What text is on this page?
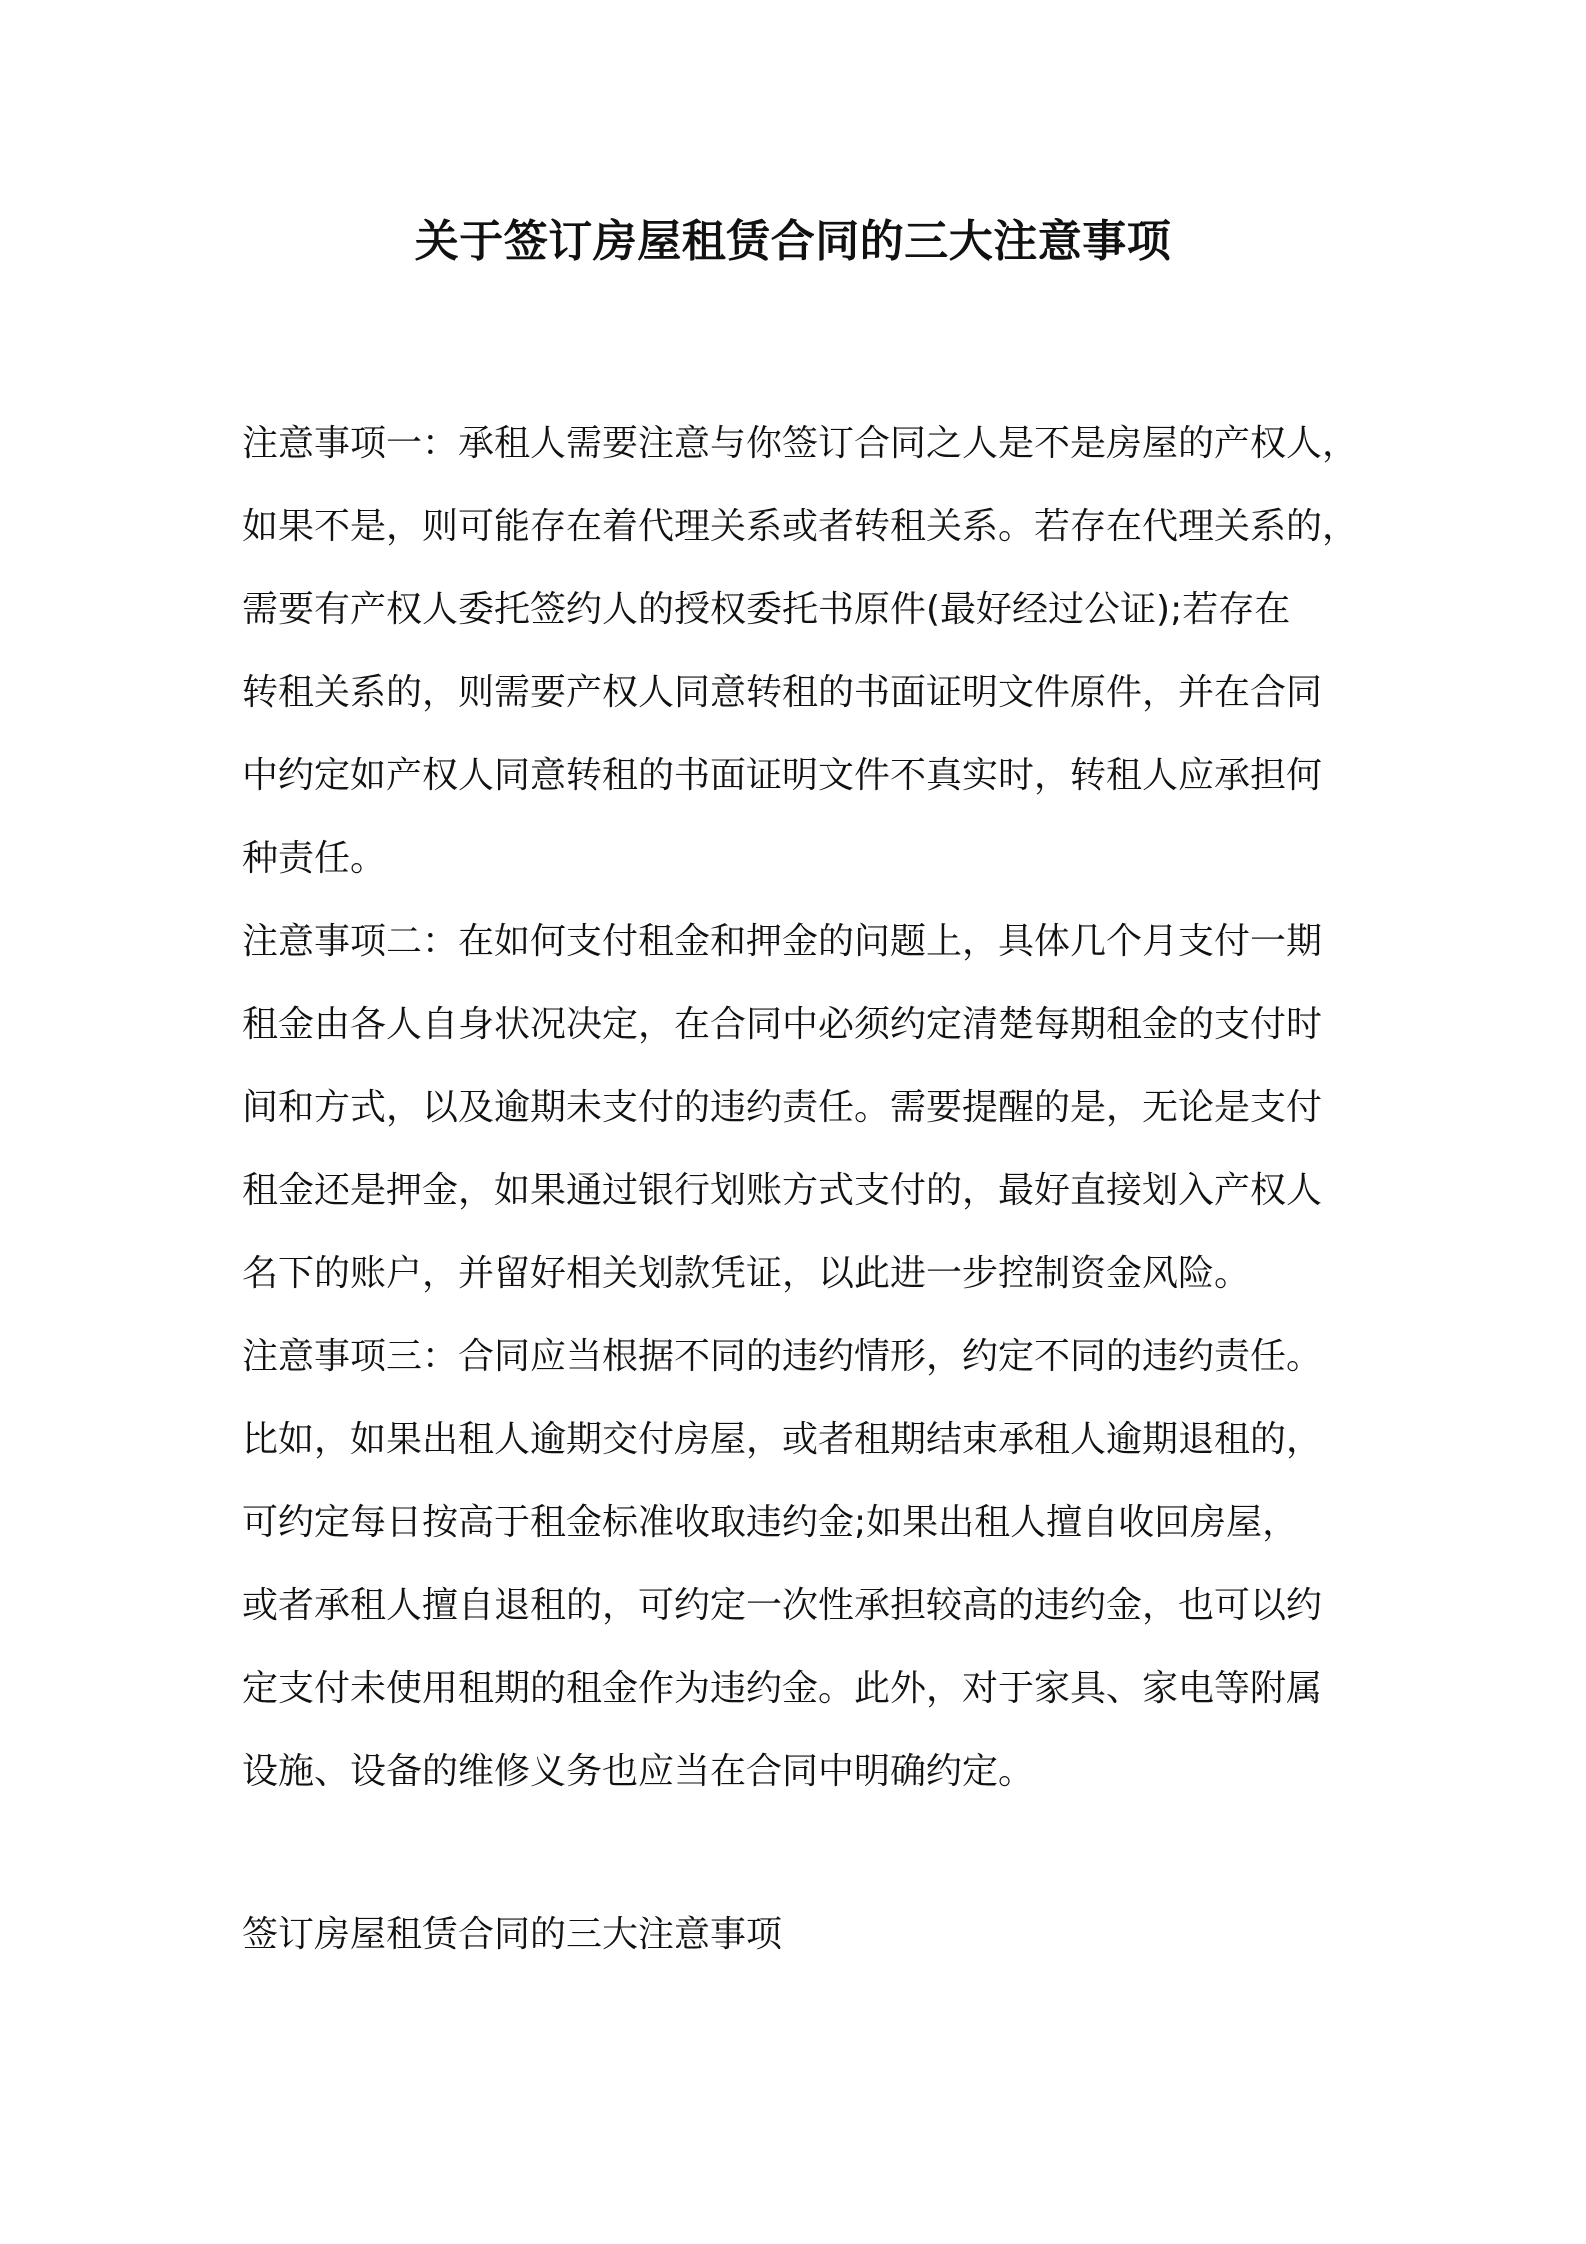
关于签订房屋租赁合同的三大注意事项
注意事项一：承租人需要注意与你签订合同之人是不是房屋的产权人，
如果不是，则可能存在着代理关系或者转租关系。若存在代理关系的，
需要有产权人委托签约人的授权委托书原件(最好经过公证);若存在
转租关系的，则需要产权人同意转租的书面证明文件原件，并在合同
中约定如产权人同意转租的书面证明文件不真实时，转租人应承担何
种责任。
注意事项二：在如何支付租金和押金的问题上，具体几个月支付一期
租金由各人自身状况决定，在合同中必须约定清楚每期租金的支付时
间和方式，以及逾期未支付的违约责任。需要提醒的是，无论是支付
租金还是押金，如果通过银行划账方式支付的，最好直接划入产权人
名下的账户，并留好相关划款凭证，以此进一步控制资金风险。
注意事项三：合同应当根据不同的违约情形，约定不同的违约责任。
比如，如果出租人逾期交付房屋，或者租期结束承租人逾期退租的，
可约定每日按高于租金标准收取违约金;如果出租人擅自收回房屋，
或者承租人擅自退租的，可约定一次性承担较高的违约金，也可以约
定支付未使用租期的租金作为违约金。此外，对于家具、家电等附属
设施、设备的维修义务也应当在合同中明确约定。
签订房屋租赁合同的三大注意事项
